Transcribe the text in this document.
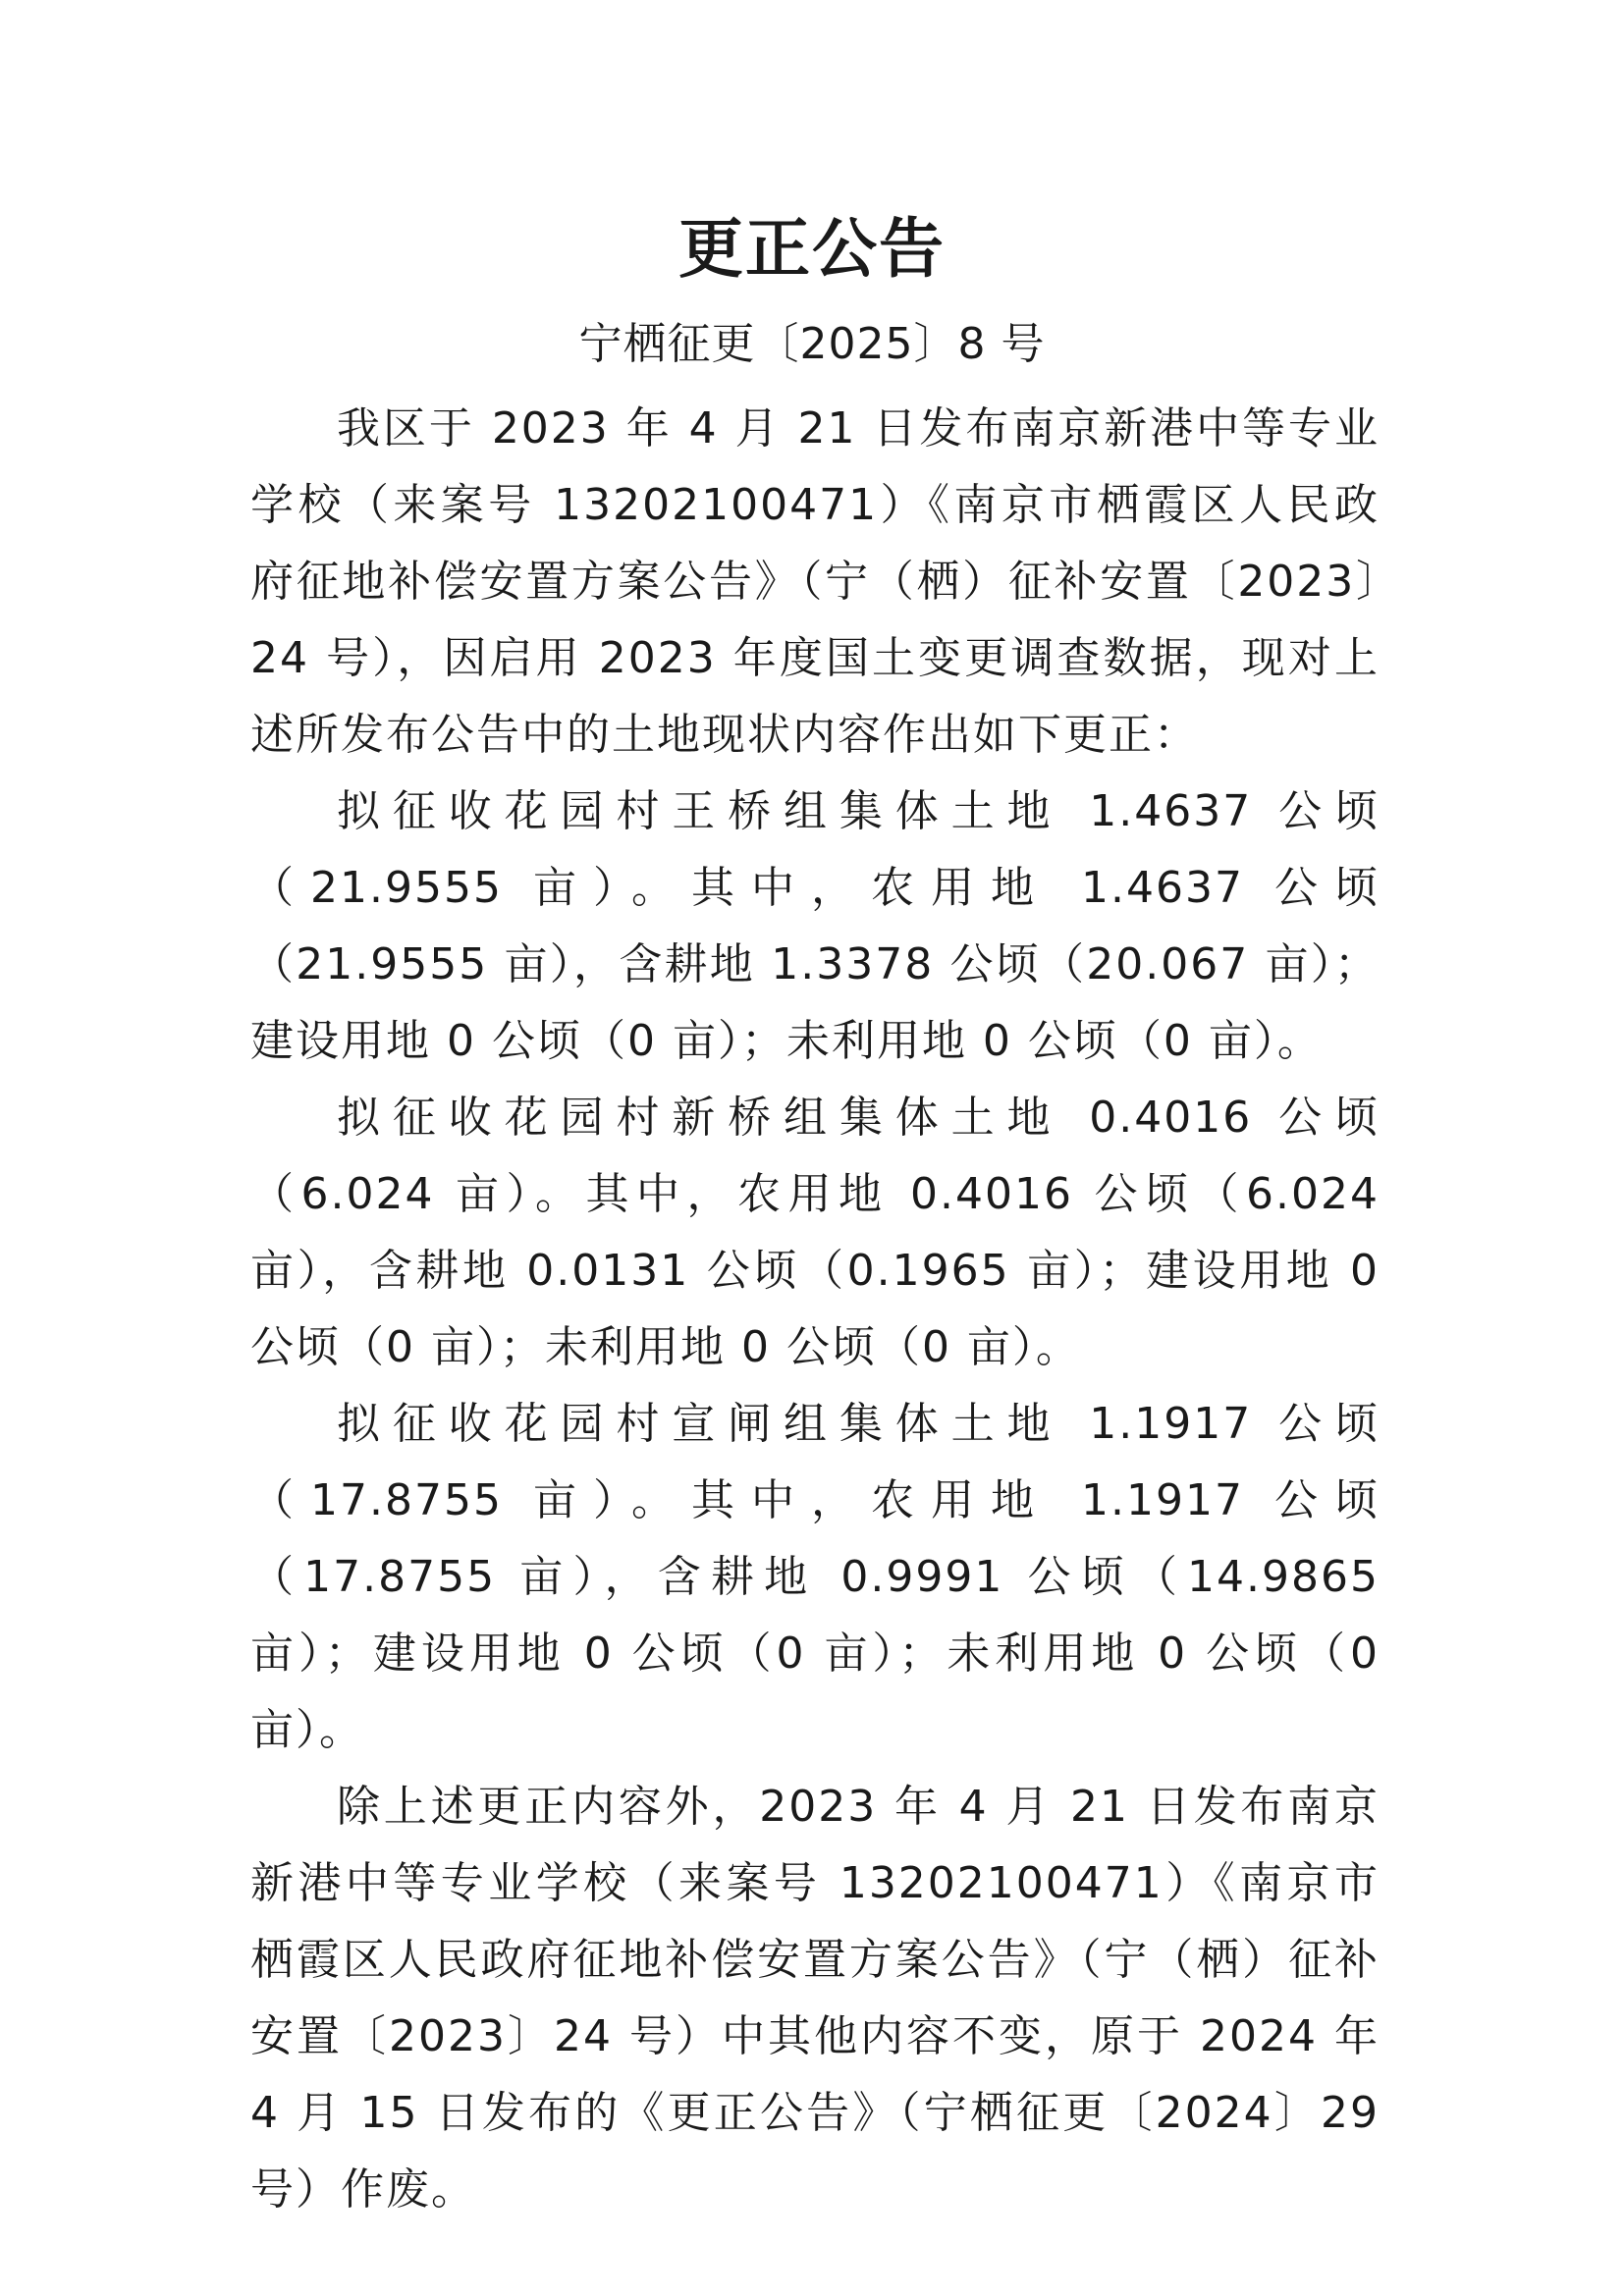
更正公告
宁栖征更〔2025〕8 号

我区于 2023 年 4 月 21 日发布南京新港中等专业学校（来案号 13202100471）《南京市栖霞区人民政府征地补偿安置方案公告》（宁（栖）征补安置〔2023〕24 号），因启用 2023 年度国土变更调查数据，现对上述所发布公告中的土地现状内容作出如下更正：

拟征收花园村王桥组集体土地 1.4637 公顷（21.9555 亩）。其中，农用地 1.4637 公顷（21.9555 亩），含耕地 1.3378 公顷（20.067 亩）；建设用地 0 公顷（0 亩）；未利用地 0 公顷（0 亩）。

拟征收花园村新桥组集体土地 0.4016 公顷（6.024 亩）。其中，农用地 0.4016 公顷（6.024 亩），含耕地 0.0131 公顷（0.1965 亩）；建设用地 0 公顷（0 亩）；未利用地 0 公顷（0 亩）。

拟征收花园村宣闸组集体土地 1.1917 公顷（17.8755 亩）。其中，农用地 1.1917 公顷（17.8755 亩），含耕地 0.9991 公顷（14.9865 亩）；建设用地 0 公顷（0 亩）；未利用地 0 公顷（0 亩）。

除上述更正内容外，2023 年 4 月 21 日发布南京新港中等专业学校（来案号 13202100471）《南京市栖霞区人民政府征地补偿安置方案公告》（宁（栖）征补安置〔2023〕24 号）中其他内容不变，原于 2024 年 4 月 15 日发布的《更正公告》（宁栖征更〔2024〕29 号）作废。
